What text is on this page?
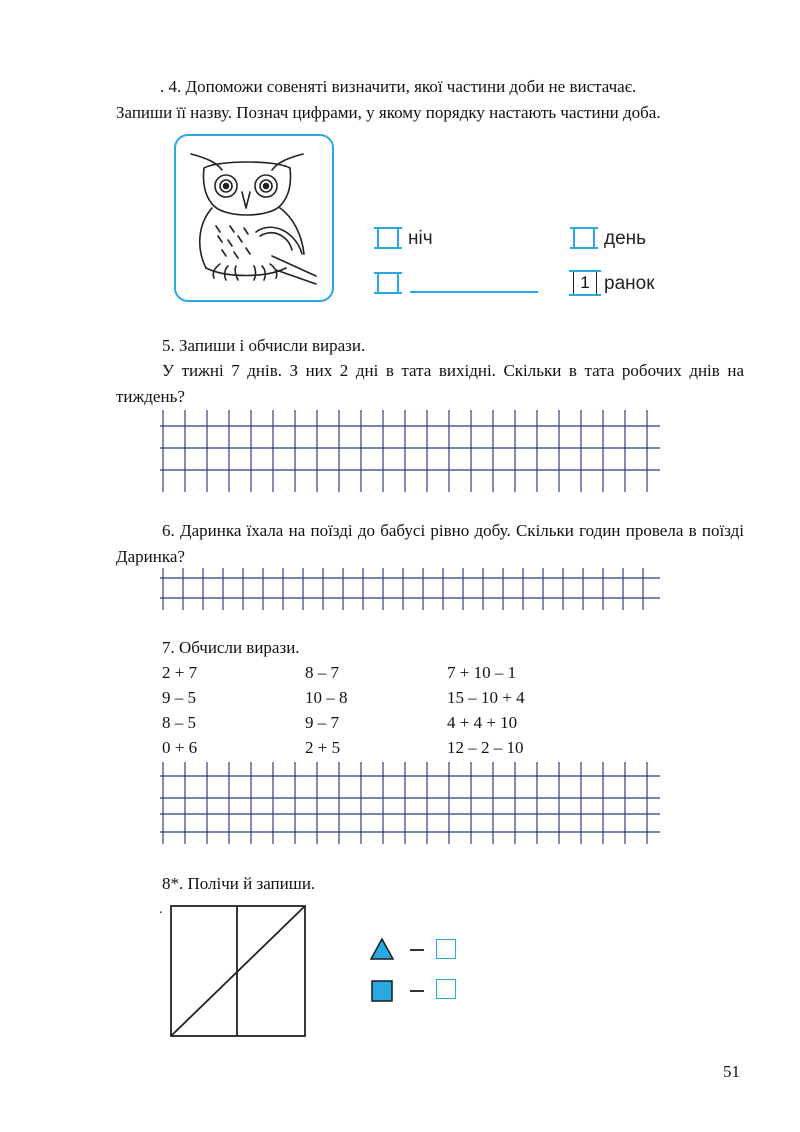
. 4. Допоможи совеняті визначити, якої частини доби не вистачає.

Запиши її назву. Познач цифрами, у якому порядку настають частини доба.

ніч	день
1 ранок
5. Запиши і обчисли вирази.

У тижні 7 днів. З них 2 дні в тата вихідні. Скільки в тата робочих днів на тиждень?

6. Даринка їхала на поїзді до бабусі рівно добу. Скільки годин провела в поїзді Даринка?

7. Обчисли вирази.
2 + 7
9 – 5
8 – 5
0 + 6
8 – 7
10 – 8
9 – 7
2 + 5
7 + 10 – 1
15 – 10 + 4
4 + 4 + 10
12 – 2 – 10
8*. Полічи й запиши.
.
51
